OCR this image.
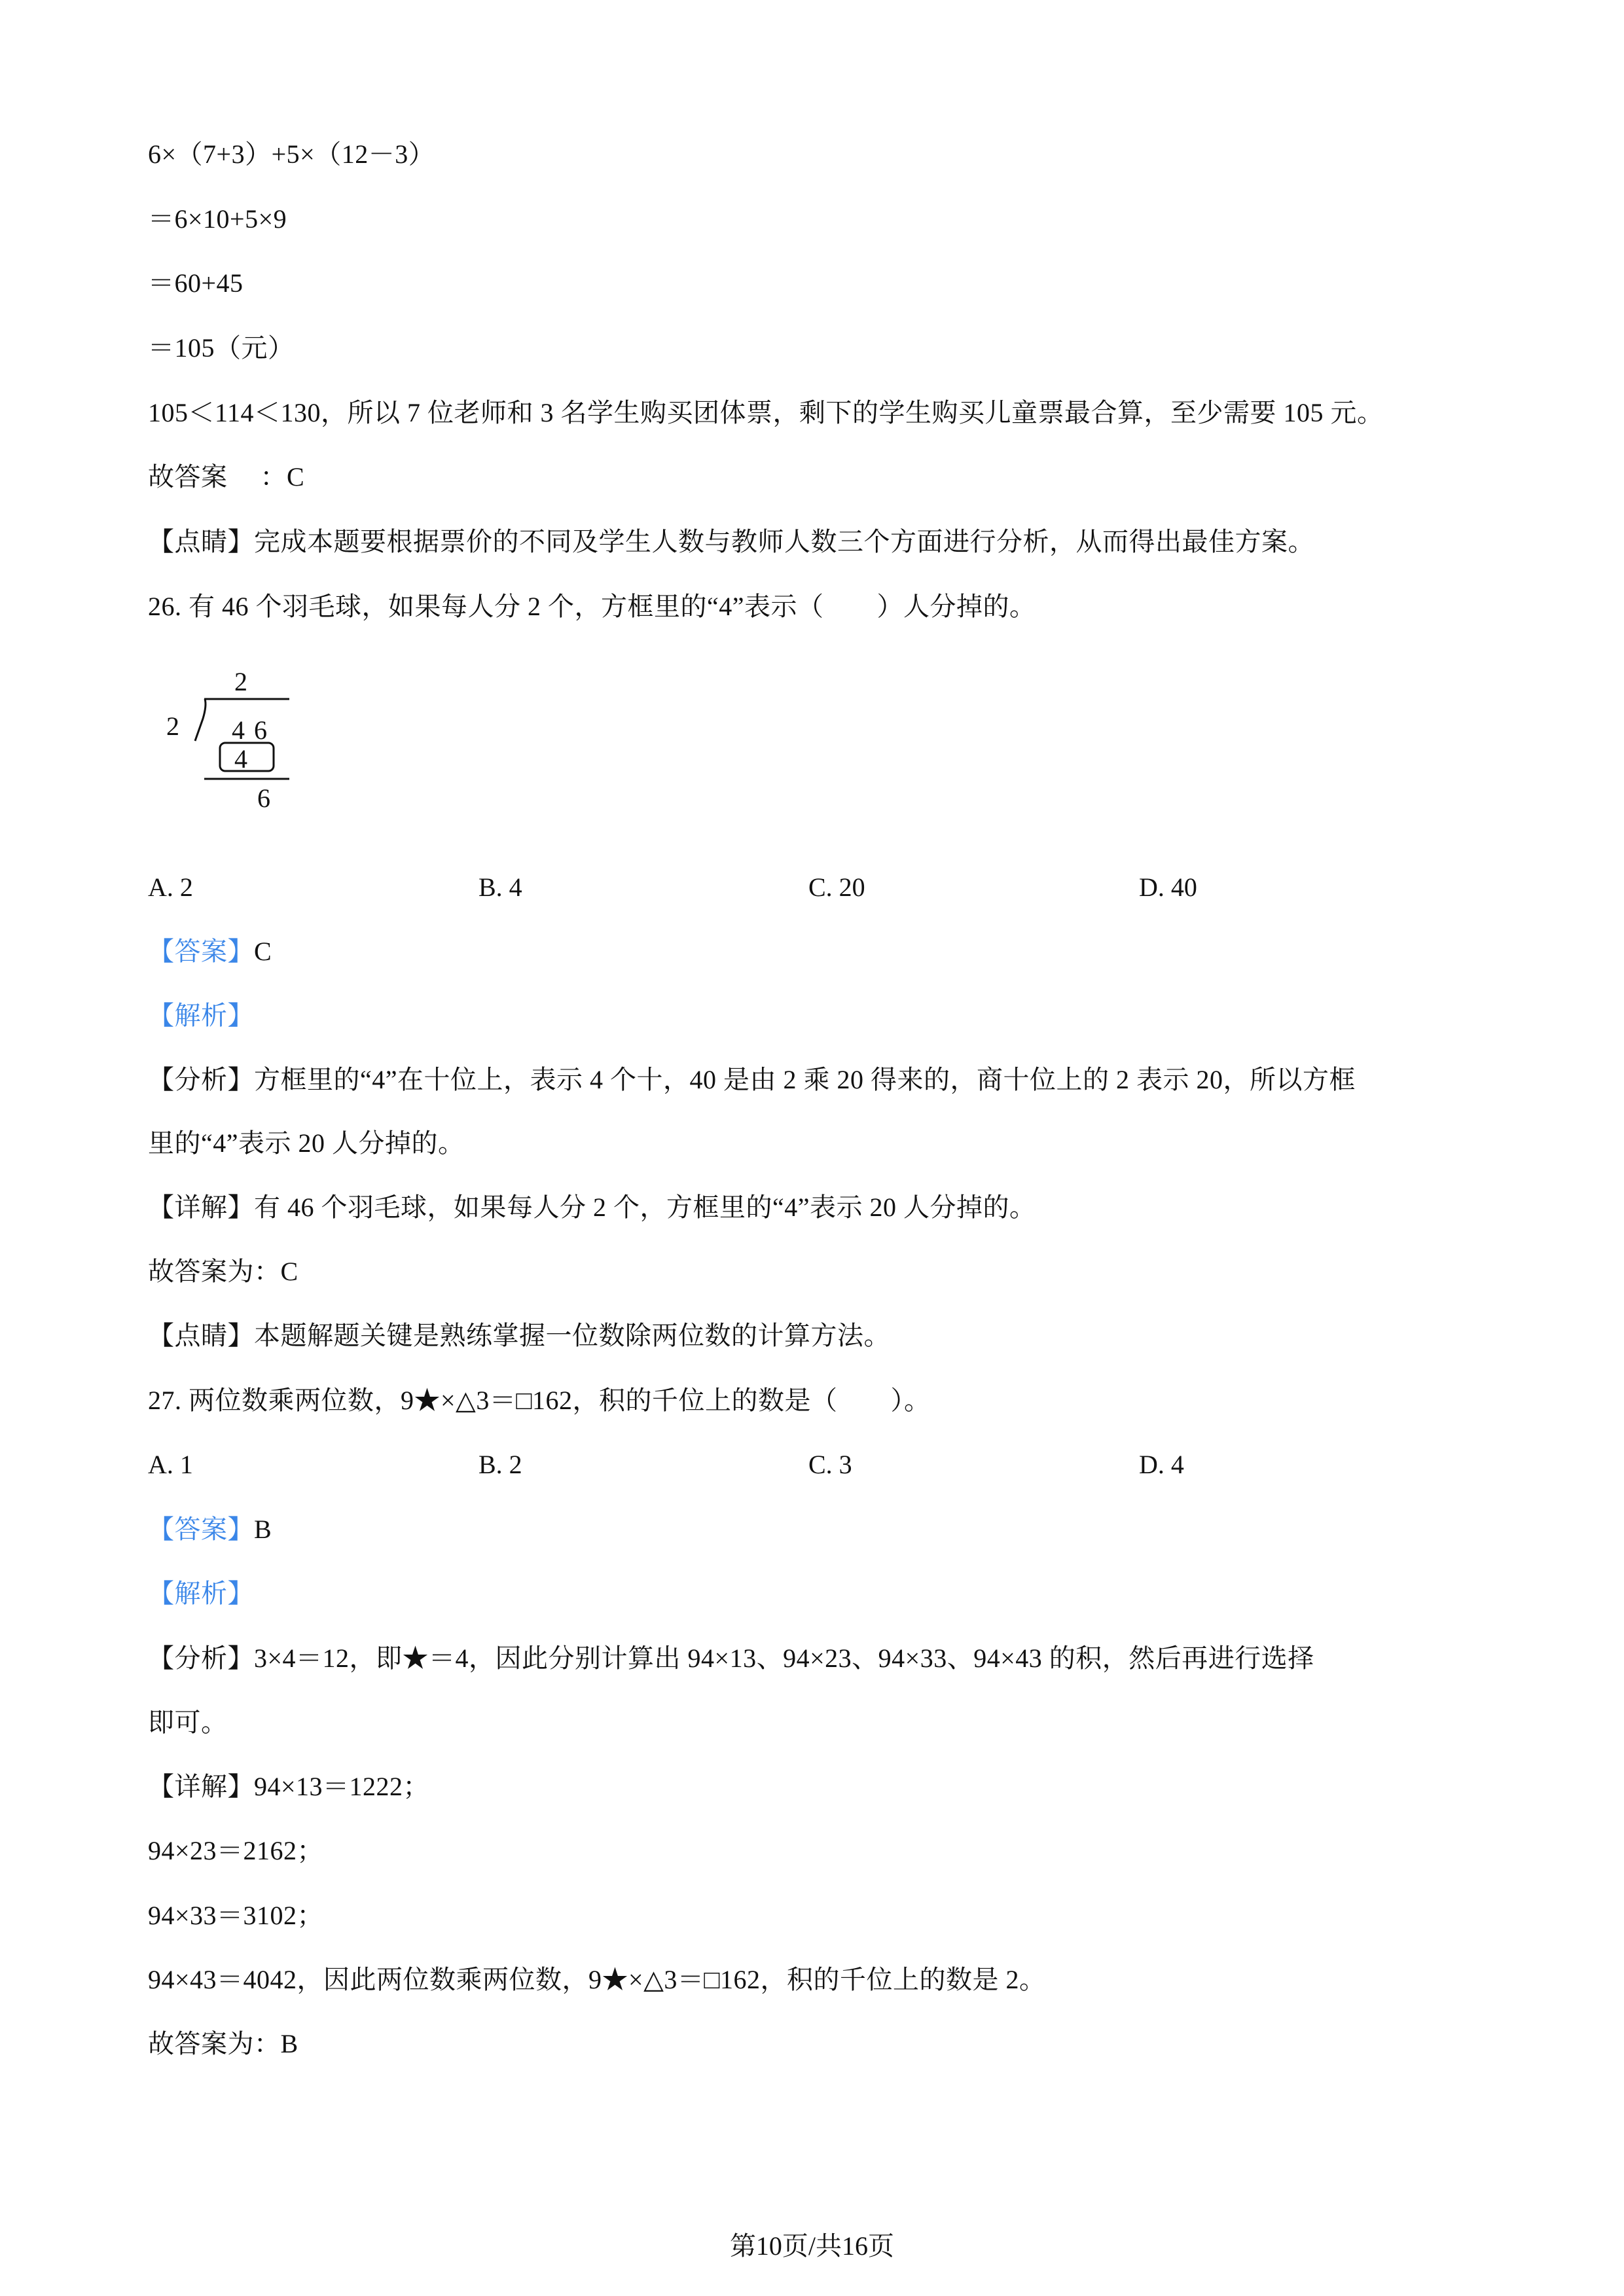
6×（7+3）+5×（12－3）
＝6×10+5×9
＝60+45
＝105（元）
105＜114＜130，所以 7 位老师和 3 名学生购买团体票，剩下的学生购买儿童票最合算，至少需要 105 元。
故答案 ：C
【点睛】完成本题要根据票价的不同及学生人数与教师人数三个方面进行分析，从而得出最佳方案。
26. 有 46 个羽毛球，如果每人分 2 个，方框里的“4”表示（　　）人分掉的。
2
2 4 6
4
6
A. 2	B. 4	C. 20	D. 40
【答案】C
【解析】
【分析】方框里的“4”在十位上，表示 4 个十，40 是由 2 乘 20 得来的，商十位上的 2 表示 20，所以方框
里的“4”表示 20 人分掉的。
【详解】有 46 个羽毛球，如果每人分 2 个，方框里的“4”表示 20 人分掉的。
故答案为：C
【点睛】本题解题关键是熟练掌握一位数除两位数的计算方法。
27. 两位数乘两位数，9★×△3＝□162，积的千位上的数是（　　）。
A. 1	B. 2	C. 3	D. 4
【答案】B
【解析】
【分析】3×4＝12，即★＝4，因此分别计算出 94×13、94×23、94×33、94×43 的积，然后再进行选择
即可。
【详解】94×13＝1222；
94×23＝2162；
94×33＝3102；
94×43＝4042，因此两位数乘两位数，9★×△3＝□162，积的千位上的数是 2。
故答案为：B
第10页/共16页
